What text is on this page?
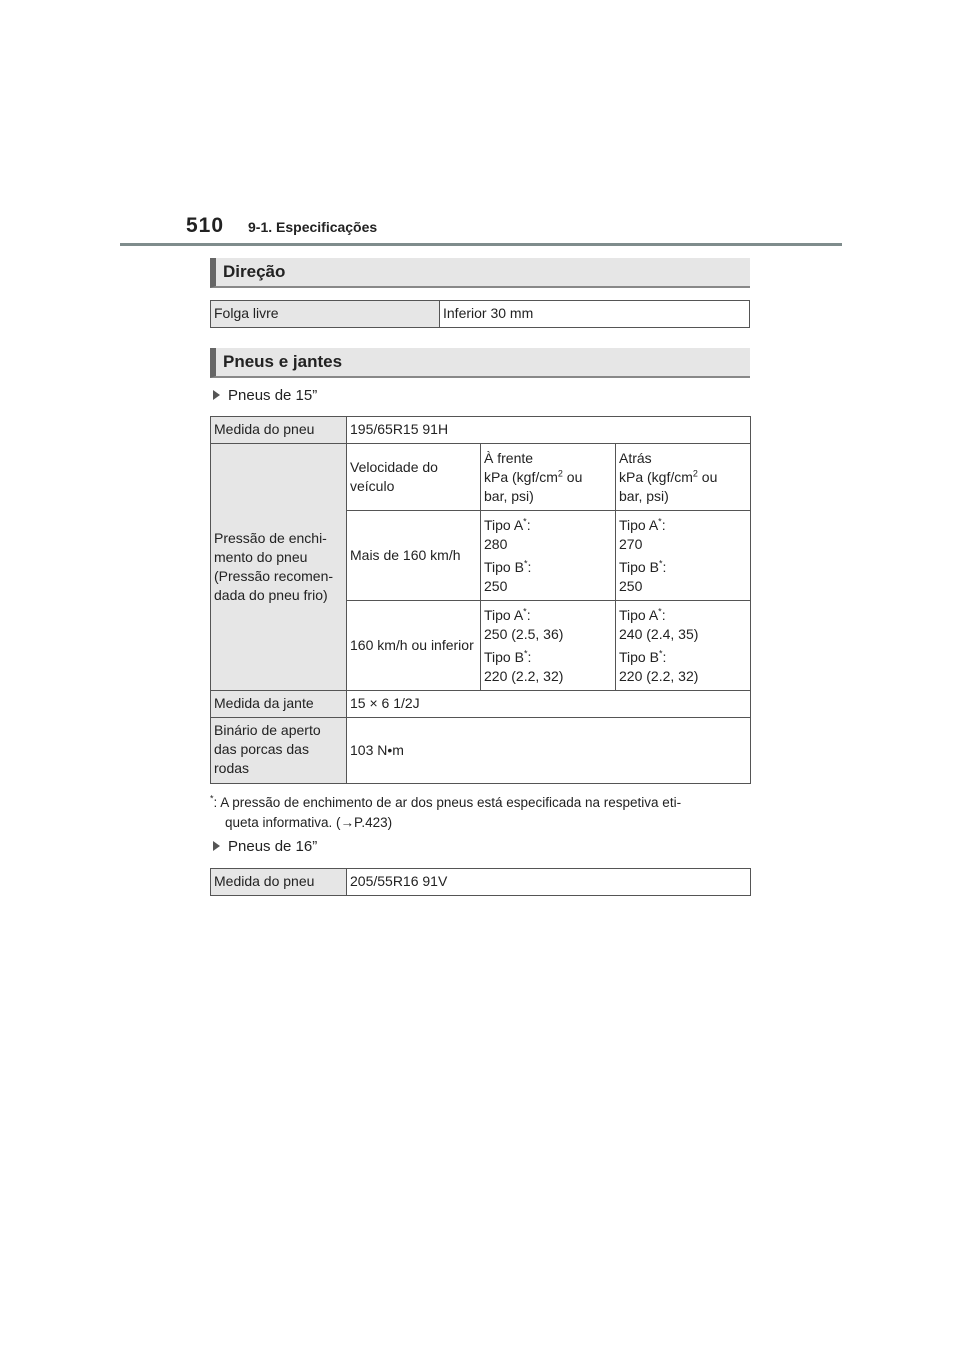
510 9-1. Especificações
Direção
Folga livre	Inferior 30 mm
Pneus e jantes
Pneus de 15”
Medida do pneu	195/65R15 91H		

Pressão de enchi-
mento do pneu
(Pressão recomen-
dada do pneu frio)	Velocidade do
veículo	À frente
kPa ($kgf/cm^2$ ou
bar, psi)	Atrás
kPa ($kgf/cm^2$ ou
bar, psi)

	Mais de 160 km/h	Tipo A*:
280
Tipo B*:
250	Tipo A*:
270
Tipo B*:
250

	160 km/h ou inferior	Tipo A*:
250 (2.5, 36)
Tipo B*:
220 (2.2, 32)	Tipo A*:
240 (2.4, 35)
Tipo B*:
220 (2.2, 32)

Medida da jante	15 × 6 1/2J		

Binário de aperto
das porcas das
rodas	103 N•m		
*: A pressão de enchimento de ar dos pneus está especificada na respetiva eti-
queta informativa. (→P.423)
Pneus de 16”
Medida do pneu	205/55R16 91V
